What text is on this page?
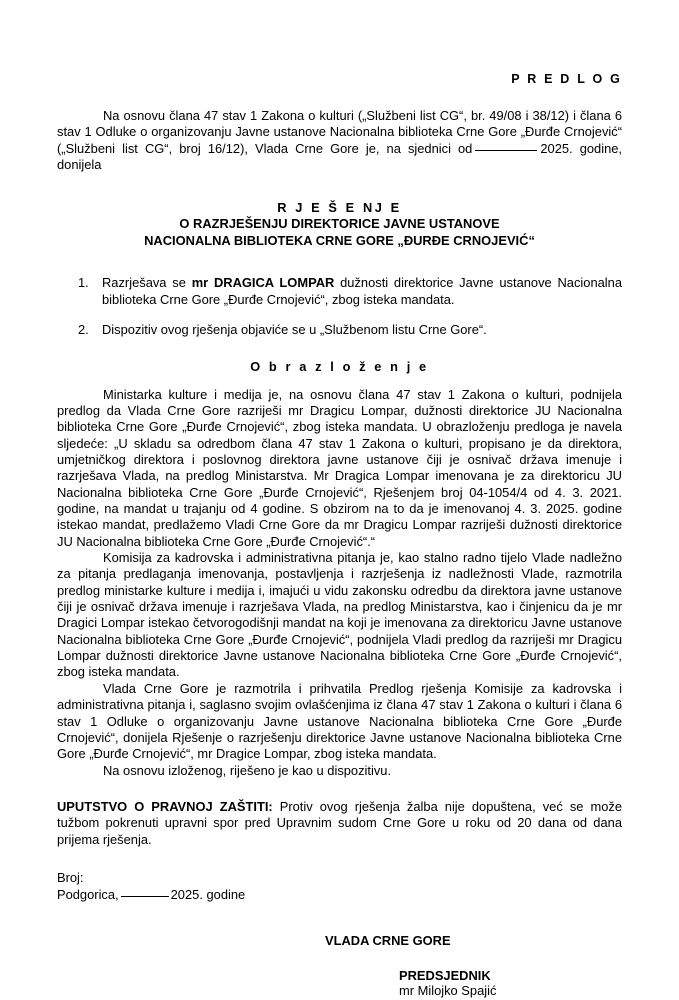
P R E D L O G

Na osnovu člana 47 stav 1 Zakona o kulturi („Službeni list CG“, br. 49/08 i 38/12) i člana 6 stav 1 Odluke o organizovanju Javne ustanove Nacionalna biblioteka Crne Gore „Đurđe Crnojević“ („Službeni list CG“, broj 16/12), Vlada Crne Gore je, na sjednici od	2025. godine, donijela

R J E Š E NJ E
O RAZRJEŠENJU DIREKTORICE JAVNE USTANOVE
NACIONALNA BIBLIOTEKA CRNE GORE „ĐURĐE CRNOJEVIĆ“
1.	Razrješava se mr DRAGICA LOMPAR dužnosti direktorice Javne ustanove Nacionalna biblioteka Crne Gore „Đurđe Crnojević“, zbog isteka mandata.
2.	Dispozitiv ovog rješenja objaviće se u „Službenom listu Crne Gore“.
O b r a z l o ž e n j e

Ministarka kulture i medija je, na osnovu člana 47 stav 1 Zakona o kulturi, podnijela predlog da Vlada Crne Gore razriješi mr Dragicu Lompar, dužnosti direktorice JU Nacionalna biblioteka Crne Gore „Đurđe Crnojević“, zbog isteka mandata. U obrazloženju predloga je navela sljedeće: „U skladu sa odredbom člana 47 stav 1 Zakona o kulturi, propisano je da direktora, umjetničkog direktora i poslovnog direktora javne ustanove čiji je osnivač država imenuje i razrješava Vlada, na predlog Ministarstva. Mr Dragica Lompar imenovana je za direktoricu JU Nacionalna biblioteka Crne Gore „Đurđe Crnojević“, Rješenjem broj 04-1054/4 od 4. 3. 2021. godine, na mandat u trajanju od 4 godine. S obzirom na to da je imenovanoj 4. 3. 2025. godine istekao mandat, predlažemo Vladi Crne Gore da mr Dragicu Lompar razriješi dužnosti direktorice JU Nacionalna biblioteka Crne Gore „Đurđe Crnojević“.“

Komisija za kadrovska i administrativna pitanja je, kao stalno radno tijelo Vlade nadležno za pitanja predlaganja imenovanja, postavljenja i razrješenja iz nadležnosti Vlade, razmotrila predlog ministarke kulture i medija i, imajući u vidu zakonsku odredbu da direktora javne ustanove čiji je osnivač država imenuje i razrješava Vlada, na predlog Ministarstva, kao i činjenicu da je mr Dragici Lompar istekao četvorogodišnji mandat na koji je imenovana za direktoricu Javne ustanove Nacionalna biblioteka Crne Gore „Đurđe Crnojević“, podnijela Vladi predlog da razriješi mr Dragicu Lompar dužnosti direktorice Javne ustanove Nacionalna biblioteka Crne Gore „Đurđe Crnojević“, zbog isteka mandata.

Vlada Crne Gore je razmotrila i prihvatila Predlog rješenja Komisije za kadrovska i administrativna pitanja i, saglasno svojim ovlašćenjima iz člana 47 stav 1 Zakona o kulturi i člana 6 stav 1 Odluke o organizovanju Javne ustanove Nacionalna biblioteka Crne Gore „Đurđe Crnojević“, donijela Rješenje o razrješenju direktorice Javne ustanove Nacionalna biblioteka Crne Gore „Đurđe Crnojević“, mr Dragice Lompar, zbog isteka mandata.

Na osnovu izloženog, riješeno je kao u dispozitivu.

UPUTSTVO O PRAVNOJ ZAŠTITI: Protiv ovog rješenja žalba nije dopuštena, već se može tužbom pokrenuti upravni spor pred Upravnim sudom Crne Gore u roku od 20 dana od dana prijema rješenja.

Broj:
Podgorica,	2025. godine
VLADA CRNE GORE
PREDSJEDNIK
mr Milojko Spajić
